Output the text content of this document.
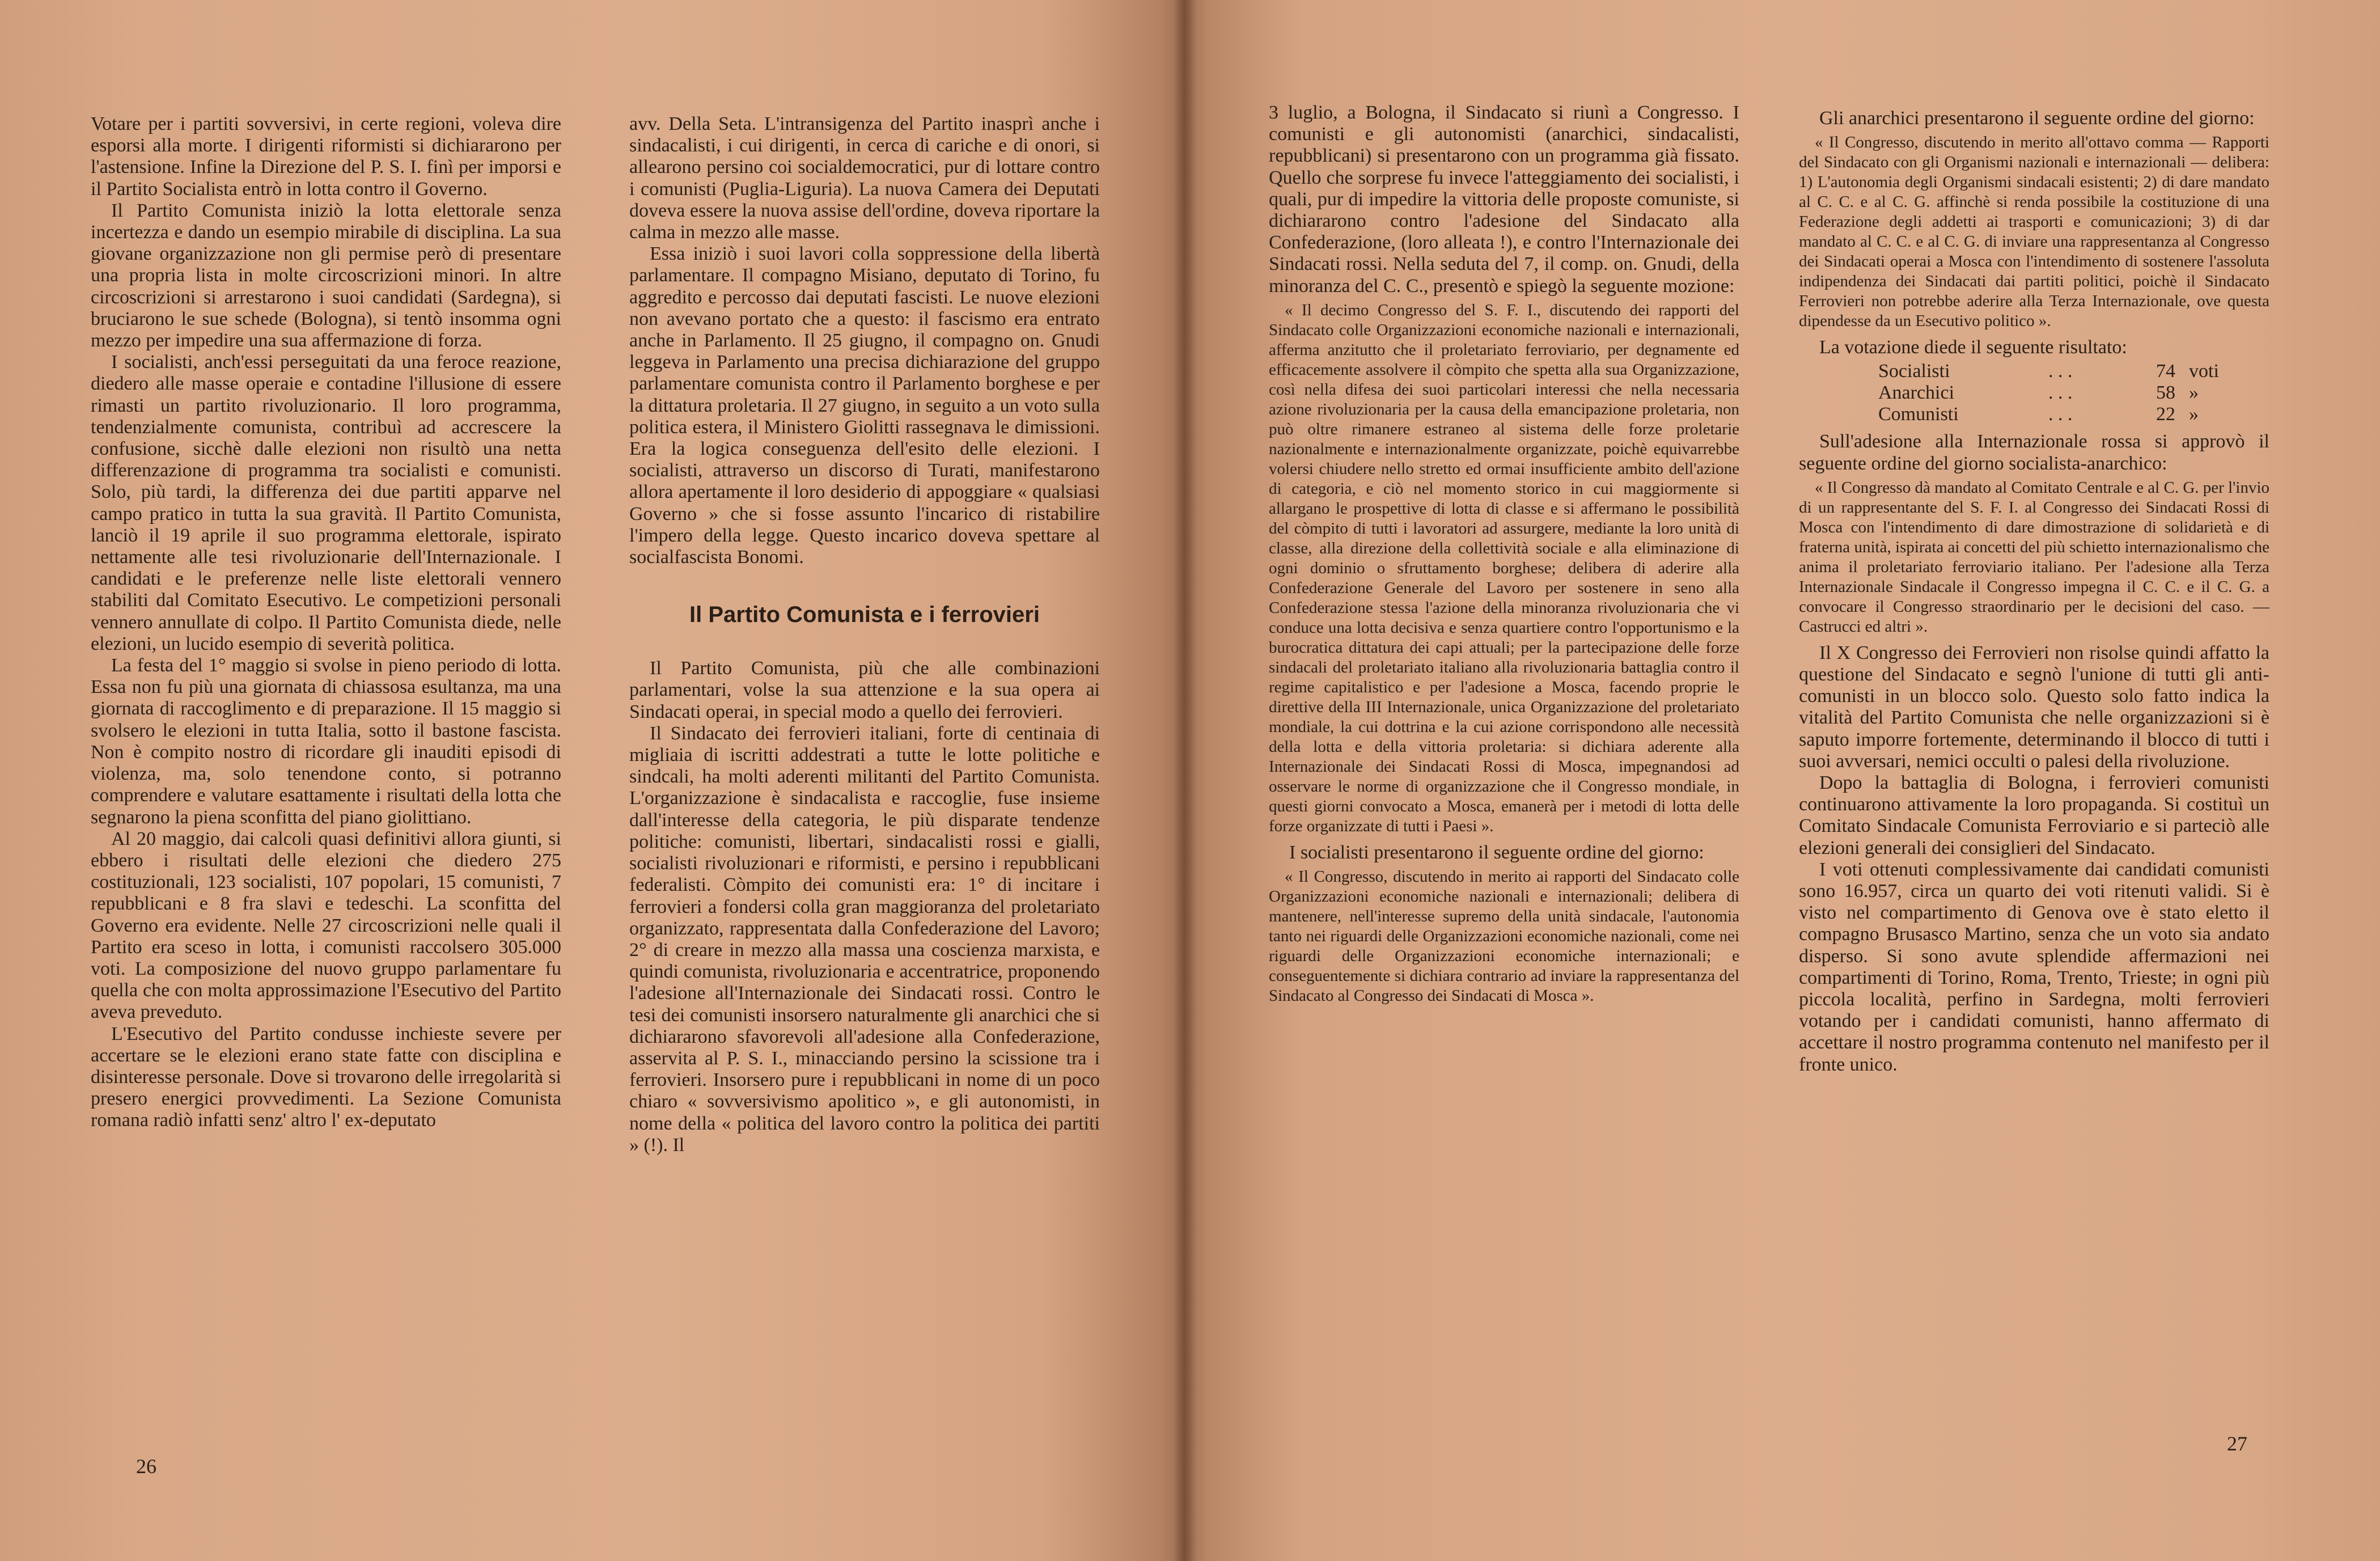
Votare per i partiti sovversivi, in certe regioni, voleva dire esporsi alla morte. I dirigenti riformisti si dichiararono per l'astensione. Infine la Direzione del P. S. I. finì per imporsi e il Partito Socialista entrò in lotta contro il Governo.

Il Partito Comunista iniziò la lotta elettorale senza incertezza e dando un esempio mirabile di disciplina. La sua giovane organizzazione non gli permise però di presentare una propria lista in molte circoscrizioni minori. In altre circoscrizioni si arrestarono i suoi candidati (Sardegna), si bruciarono le sue schede (Bologna), si tentò insomma ogni mezzo per impedire una sua affermazione di forza.

I socialisti, anch'essi perseguitati da una feroce reazione, diedero alle masse operaie e contadine l'illusione di essere rimasti un partito rivoluzionario. Il loro programma, tendenzialmente comunista, contribuì ad accrescere la confusione, sicchè dalle elezioni non risultò una netta differenzazione di programma tra socialisti e comunisti. Solo, più tardi, la differenza dei due partiti apparve nel campo pratico in tutta la sua gravità. Il Partito Comunista, lanciò il 19 aprile il suo programma elettorale, ispirato nettamente alle tesi rivoluzionarie dell'Internazionale. I candidati e le preferenze nelle liste elettorali vennero stabiliti dal Comitato Esecutivo. Le competizioni personali vennero annullate di colpo. Il Partito Comunista diede, nelle elezioni, un lucido esempio di severità politica.

La festa del 1° maggio si svolse in pieno periodo di lotta. Essa non fu più una giornata di chiassosa esultanza, ma una giornata di raccoglimento e di preparazione. Il 15 maggio si svolsero le elezioni in tutta Italia, sotto il bastone fascista. Non è compito nostro di ricordare gli inauditi episodi di violenza, ma, solo tenendone conto, si potranno comprendere e valutare esattamente i risultati della lotta che segnarono la piena sconfitta del piano giolittiano.

Al 20 maggio, dai calcoli quasi definitivi allora giunti, si ebbero i risultati delle elezioni che diedero 275 costituzionali, 123 socialisti, 107 popolari, 15 comunisti, 7 repubblicani e 8 fra slavi e tedeschi. La sconfitta del Governo era evidente. Nelle 27 circoscrizioni nelle quali il Partito era sceso in lotta, i comunisti raccolsero 305.000 voti. La composizione del nuovo gruppo parlamentare fu quella che con molta approssimazione l'Esecutivo del Partito aveva preveduto.

L'Esecutivo del Partito condusse inchieste severe per accertare se le elezioni erano state fatte con disciplina e disinteresse personale. Dove si trovarono delle irregolarità si presero energici provvedimenti. La Sezione Comunista romana radiò infatti senz' altro l' ex-deputato

avv. Della Seta. L'intransigenza del Partito inasprì anche i sindacalisti, i cui dirigenti, in cerca di cariche e di onori, si allearono persino coi socialdemocratici, pur di lottare contro i comunisti (Puglia-Liguria). La nuova Camera dei Deputati doveva essere la nuova assise dell'ordine, doveva riportare la calma in mezzo alle masse.

Essa iniziò i suoi lavori colla soppressione della libertà parlamentare. Il compagno Misiano, deputato di Torino, fu aggredito e percosso dai deputati fascisti. Le nuove elezioni non avevano portato che a questo: il fascismo era entrato anche in Parlamento. Il 25 giugno, il compagno on. Gnudi leggeva in Parlamento una precisa dichiarazione del gruppo parlamentare comunista contro il Parlamento borghese e per la dittatura proletaria. Il 27 giugno, in seguito a un voto sulla politica estera, il Ministero Giolitti rassegnava le dimissioni. Era la logica conseguenza dell'esito delle elezioni. I socialisti, attraverso un discorso di Turati, manifestarono allora apertamente il loro desiderio di appoggiare « qualsiasi Governo » che si fosse assunto l'incarico di ristabilire l'impero della legge. Questo incarico doveva spettare al socialfascista Bonomi.

Il Partito Comunista e i ferrovieri

Il Partito Comunista, più che alle combinazioni parlamentari, volse la sua attenzione e la sua opera ai Sindacati operai, in special modo a quello dei ferrovieri.

Il Sindacato dei ferrovieri italiani, forte di centinaia di migliaia di iscritti addestrati a tutte le lotte politiche e sindcali, ha molti aderenti militanti del Partito Comunista. L'organizzazione è sindacalista e raccoglie, fuse insieme dall'interesse della categoria, le più disparate tendenze politiche: comunisti, libertari, sindacalisti rossi e gialli, socialisti rivoluzionari e riformisti, e persino i repubblicani federalisti. Còmpito dei comunisti era: 1° di incitare i ferrovieri a fondersi colla gran maggioranza del proletariato organizzato, rappresentata dalla Confederazione del Lavoro; 2° di creare in mezzo alla massa una coscienza marxista, e quindi comunista, rivoluzionaria e accentratrice, proponendo l'adesione all'Internazionale dei Sindacati rossi. Contro le tesi dei comunisti insorsero naturalmente gli anarchici che si dichiararono sfavorevoli all'adesione alla Confederazione, asservita al P. S. I., minacciando persino la scissione tra i ferrovieri. Insorsero pure i repubblicani in nome di un poco chiaro « sovversivismo apolitico », e gli autonomisti, in nome della « politica del lavoro contro la politica dei partiti » (!). Il

26

3 luglio, a Bologna, il Sindacato si riunì a Congresso. I comunisti e gli autonomisti (anarchici, sindacalisti, repubblicani) si presentarono con un programma già fissato. Quello che sorprese fu invece l'atteggiamento dei socialisti, i quali, pur di impedire la vittoria delle proposte comuniste, si dichiararono contro l'adesione del Sindacato alla Confederazione, (loro alleata !), e contro l'Internazionale dei Sindacati rossi. Nella seduta del 7, il comp. on. Gnudi, della minoranza del C. C., presentò e spiegò la seguente mozione:

« Il decimo Congresso del S. F. I., discutendo dei rapporti del Sindacato colle Organizzazioni economiche nazionali e internazionali, afferma anzitutto che il proletariato ferroviario, per degnamente ed efficacemente assolvere il còmpito che spetta alla sua Organizzazione, così nella difesa dei suoi particolari interessi che nella necessaria azione rivoluzionaria per la causa della emancipazione proletaria, non può oltre rimanere estraneo al sistema delle forze proletarie nazionalmente e internazionalmente organizzate, poichè equivarrebbe volersi chiudere nello stretto ed ormai insufficiente ambito dell'azione di categoria, e ciò nel momento storico in cui maggiormente si allargano le prospettive di lotta di classe e si affermano le possibilità del còmpito di tutti i lavoratori ad assurgere, mediante la loro unità di classe, alla direzione della collettività sociale e alla eliminazione di ogni dominio o sfruttamento borghese; delibera di aderire alla Confederazione Generale del Lavoro per sostenere in seno alla Confederazione stessa l'azione della minoranza rivoluzionaria che vi conduce una lotta decisiva e senza quartiere contro l'opportunismo e la burocratica dittatura dei capi attuali; per la partecipazione delle forze sindacali del proletariato italiano alla rivoluzionaria battaglia contro il regime capitalistico e per l'adesione a Mosca, facendo proprie le direttive della III Internazionale, unica Organizzazione del proletariato mondiale, la cui dottrina e la cui azione corrispondono alle necessità della lotta e della vittoria proletaria: si dichiara aderente alla Internazionale dei Sindacati Rossi di Mosca, impegnandosi ad osservare le norme di organizzazione che il Congresso mondiale, in questi giorni convocato a Mosca, emanerà per i metodi di lotta delle forze organizzate di tutti i Paesi ».

I socialisti presentarono il seguente ordine del giorno:

« Il Congresso, discutendo in merito ai rapporti del Sindacato colle Organizzazioni economiche nazionali e internazionali; delibera di mantenere, nell'interesse supremo della unità sindacale, l'autonomia tanto nei riguardi delle Organizzazioni economiche nazionali, come nei riguardi delle Organizzazioni economiche internazionali; e conseguentemente si dichiara contrario ad inviare la rappresentanza del Sindacato al Congresso dei Sindacati di Mosca ».

Gli anarchici presentarono il seguente ordine del giorno:

« Il Congresso, discutendo in merito all'ottavo comma — Rapporti del Sindacato con gli Organismi nazionali e internazionali — delibera: 1) L'autonomia degli Organismi sindacali esistenti; 2) di dare mandato al C. C. e al C. G. affinchè si renda possibile la costituzione di una Federazione degli addetti ai trasporti e comunicazioni; 3) di dar mandato al C. C. e al C. G. di inviare una rappresentanza al Congresso dei Sindacati operai a Mosca con l'intendimento di sostenere l'assoluta indipendenza dei Sindacati dai partiti politici, poichè il Sindacato Ferrovieri non potrebbe aderire alla Terza Internazionale, ove questa dipendesse da un Esecutivo politico ».

La votazione diede il seguente risultato:

Socialisti	. . .	74	voti
Anarchici	. . .	58	»
Comunisti	. . .	22	»

Sull'adesione alla Internazionale rossa si approvò il seguente ordine del giorno socialista-anarchico:

« Il Congresso dà mandato al Comitato Centrale e al C. G. per l'invio di un rappresentante del S. F. I. al Congresso dei Sindacati Rossi di Mosca con l'intendimento di dare dimostrazione di solidarietà e di fraterna unità, ispirata ai concetti del più schietto internazionalismo che anima il proletariato ferroviario italiano. Per l'adesione alla Terza Internazionale Sindacale il Congresso impegna il C. C. e il C. G. a convocare il Congresso straordinario per le decisioni del caso. — Castrucci ed altri ».

Il X Congresso dei Ferrovieri non risolse quindi affatto la questione del Sindacato e segnò l'unione di tutti gli anti-comunisti in un blocco solo. Questo solo fatto indica la vitalità del Partito Comunista che nelle organizzazioni si è saputo imporre fortemente, determinando il blocco di tutti i suoi avversari, nemici occulti o palesi della rivoluzione.

Dopo la battaglia di Bologna, i ferrovieri comunisti continuarono attivamente la loro propaganda. Si costituì un Comitato Sindacale Comunista Ferroviario e si parteciò alle elezioni generali dei consiglieri del Sindacato.

I voti ottenuti complessivamente dai candidati comunisti sono 16.957, circa un quarto dei voti ritenuti validi. Si è visto nel compartimento di Genova ove è stato eletto il compagno Brusasco Martino, senza che un voto sia andato disperso. Si sono avute splendide affermazioni nei compartimenti di Torino, Roma, Trento, Trieste; in ogni più piccola località, perfino in Sardegna, molti ferrovieri votando per i candidati comunisti, hanno affermato di accettare il nostro programma contenuto nel manifesto per il fronte unico.

27
